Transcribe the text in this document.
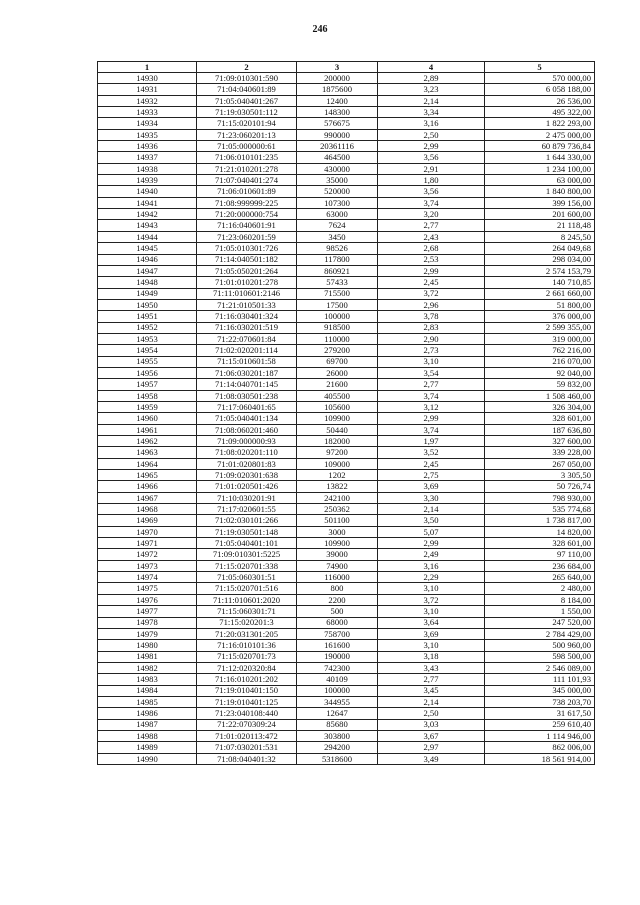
246
1	2	3	4	5
14930	71:09:010301:590	200000	2,89	570 000,00
14931	71:04:040601:89	1875600	3,23	6 058 188,00
14932	71:05:040401:267	12400	2,14	26 536,00
14933	71:19:030501:112	148300	3,34	495 322,00
14934	71:15:020101:94	576675	3,16	1 822 293,00
14935	71:23:060201:13	990000	2,50	2 475 000,00
14936	71:05:000000:61	20361116	2,99	60 879 736,84
14937	71:06:010101:235	464500	3,56	1 644 330,00
14938	71:21:010201:278	430000	2,91	1 234 100,00
14939	71:07:040401:274	35000	1,80	63 000,00
14940	71:06:010601:89	520000	3,56	1 840 800,00
14941	71:08:999999:225	107300	3,74	399 156,00
14942	71:20:000000:754	63000	3,20	201 600,00
14943	71:16:040601:91	7624	2,77	21 118,48
14944	71:23:060201:59	3450	2,43	8 245,50
14945	71:05:010301:726	98526	2,68	264 049,68
14946	71:14:040501:182	117800	2,53	298 034,00
14947	71:05:050201:264	860921	2,99	2 574 153,79
14948	71:01:010201:278	57433	2,45	140 710,85
14949	71:11:010601:2146	715500	3,72	2 661 660,00
14950	71:21:010501:33	17500	2,96	51 800,00
14951	71:16:030401:324	100000	3,78	376 000,00
14952	71:16:030201:519	918500	2,83	2 599 355,00
14953	71:22:070601:84	110000	2,90	319 000,00
14954	71:02:020201:114	279200	2,73	762 216,00
14955	71:15:010601:58	69700	3,10	216 070,00
14956	71:06:030201:187	26000	3,54	92 040,00
14957	71:14:040701:145	21600	2,77	59 832,00
14958	71:08:030501:238	405500	3,74	1 508 460,00
14959	71:17:060401:65	105600	3,12	326 304,00
14960	71:05:040401:134	109900	2,99	328 601,00
14961	71:08:060201:460	50440	3,74	187 636,80
14962	71:09:000000:93	182000	1,97	327 600,00
14963	71:08:020201:110	97200	3,52	339 228,00
14964	71:01:020801:83	109000	2,45	267 050,00
14965	71:09:020301:638	1202	2,75	3 305,50
14966	71:01:020501:426	13822	3,69	50 726,74
14967	71:10:030201:91	242100	3,30	798 930,00
14968	71:17:020601:55	250362	2,14	535 774,68
14969	71:02:030101:266	501100	3,50	1 738 817,00
14970	71:19:030501:148	3000	5,07	14 820,00
14971	71:05:040401:101	109900	2,99	328 601,00
14972	71:09:010301:5225	39000	2,49	97 110,00
14973	71:15:020701:338	74900	3,16	236 684,00
14974	71:05:060301:51	116000	2,29	265 640,00
14975	71:15:020701:516	800	3,10	2 480,00
14976	71:11:010601:2020	2200	3,72	8 184,00
14977	71:15:060301:71	500	3,10	1 550,00
14978	71:15:020201:3	68000	3,64	247 520,00
14979	71:20:031301:205	758700	3,69	2 784 429,00
14980	71:16:010101:36	161600	3,10	500 960,00
14981	71:15:020701:73	190000	3,18	598 500,00
14982	71:12:020320:84	742300	3,43	2 546 089,00
14983	71:16:010201:202	40109	2,77	111 101,93
14984	71:19:010401:150	100000	3,45	345 000,00
14985	71:19:010401:125	344955	2,14	738 203,70
14986	71:23:040108:440	12647	2,50	31 617,50
14987	71:22:070309:24	85680	3,03	259 610,40
14988	71:01:020113:472	303800	3,67	1 114 946,00
14989	71:07:030201:531	294200	2,97	862 006,00
14990	71:08:040401:32	5318600	3,49	18 561 914,00
